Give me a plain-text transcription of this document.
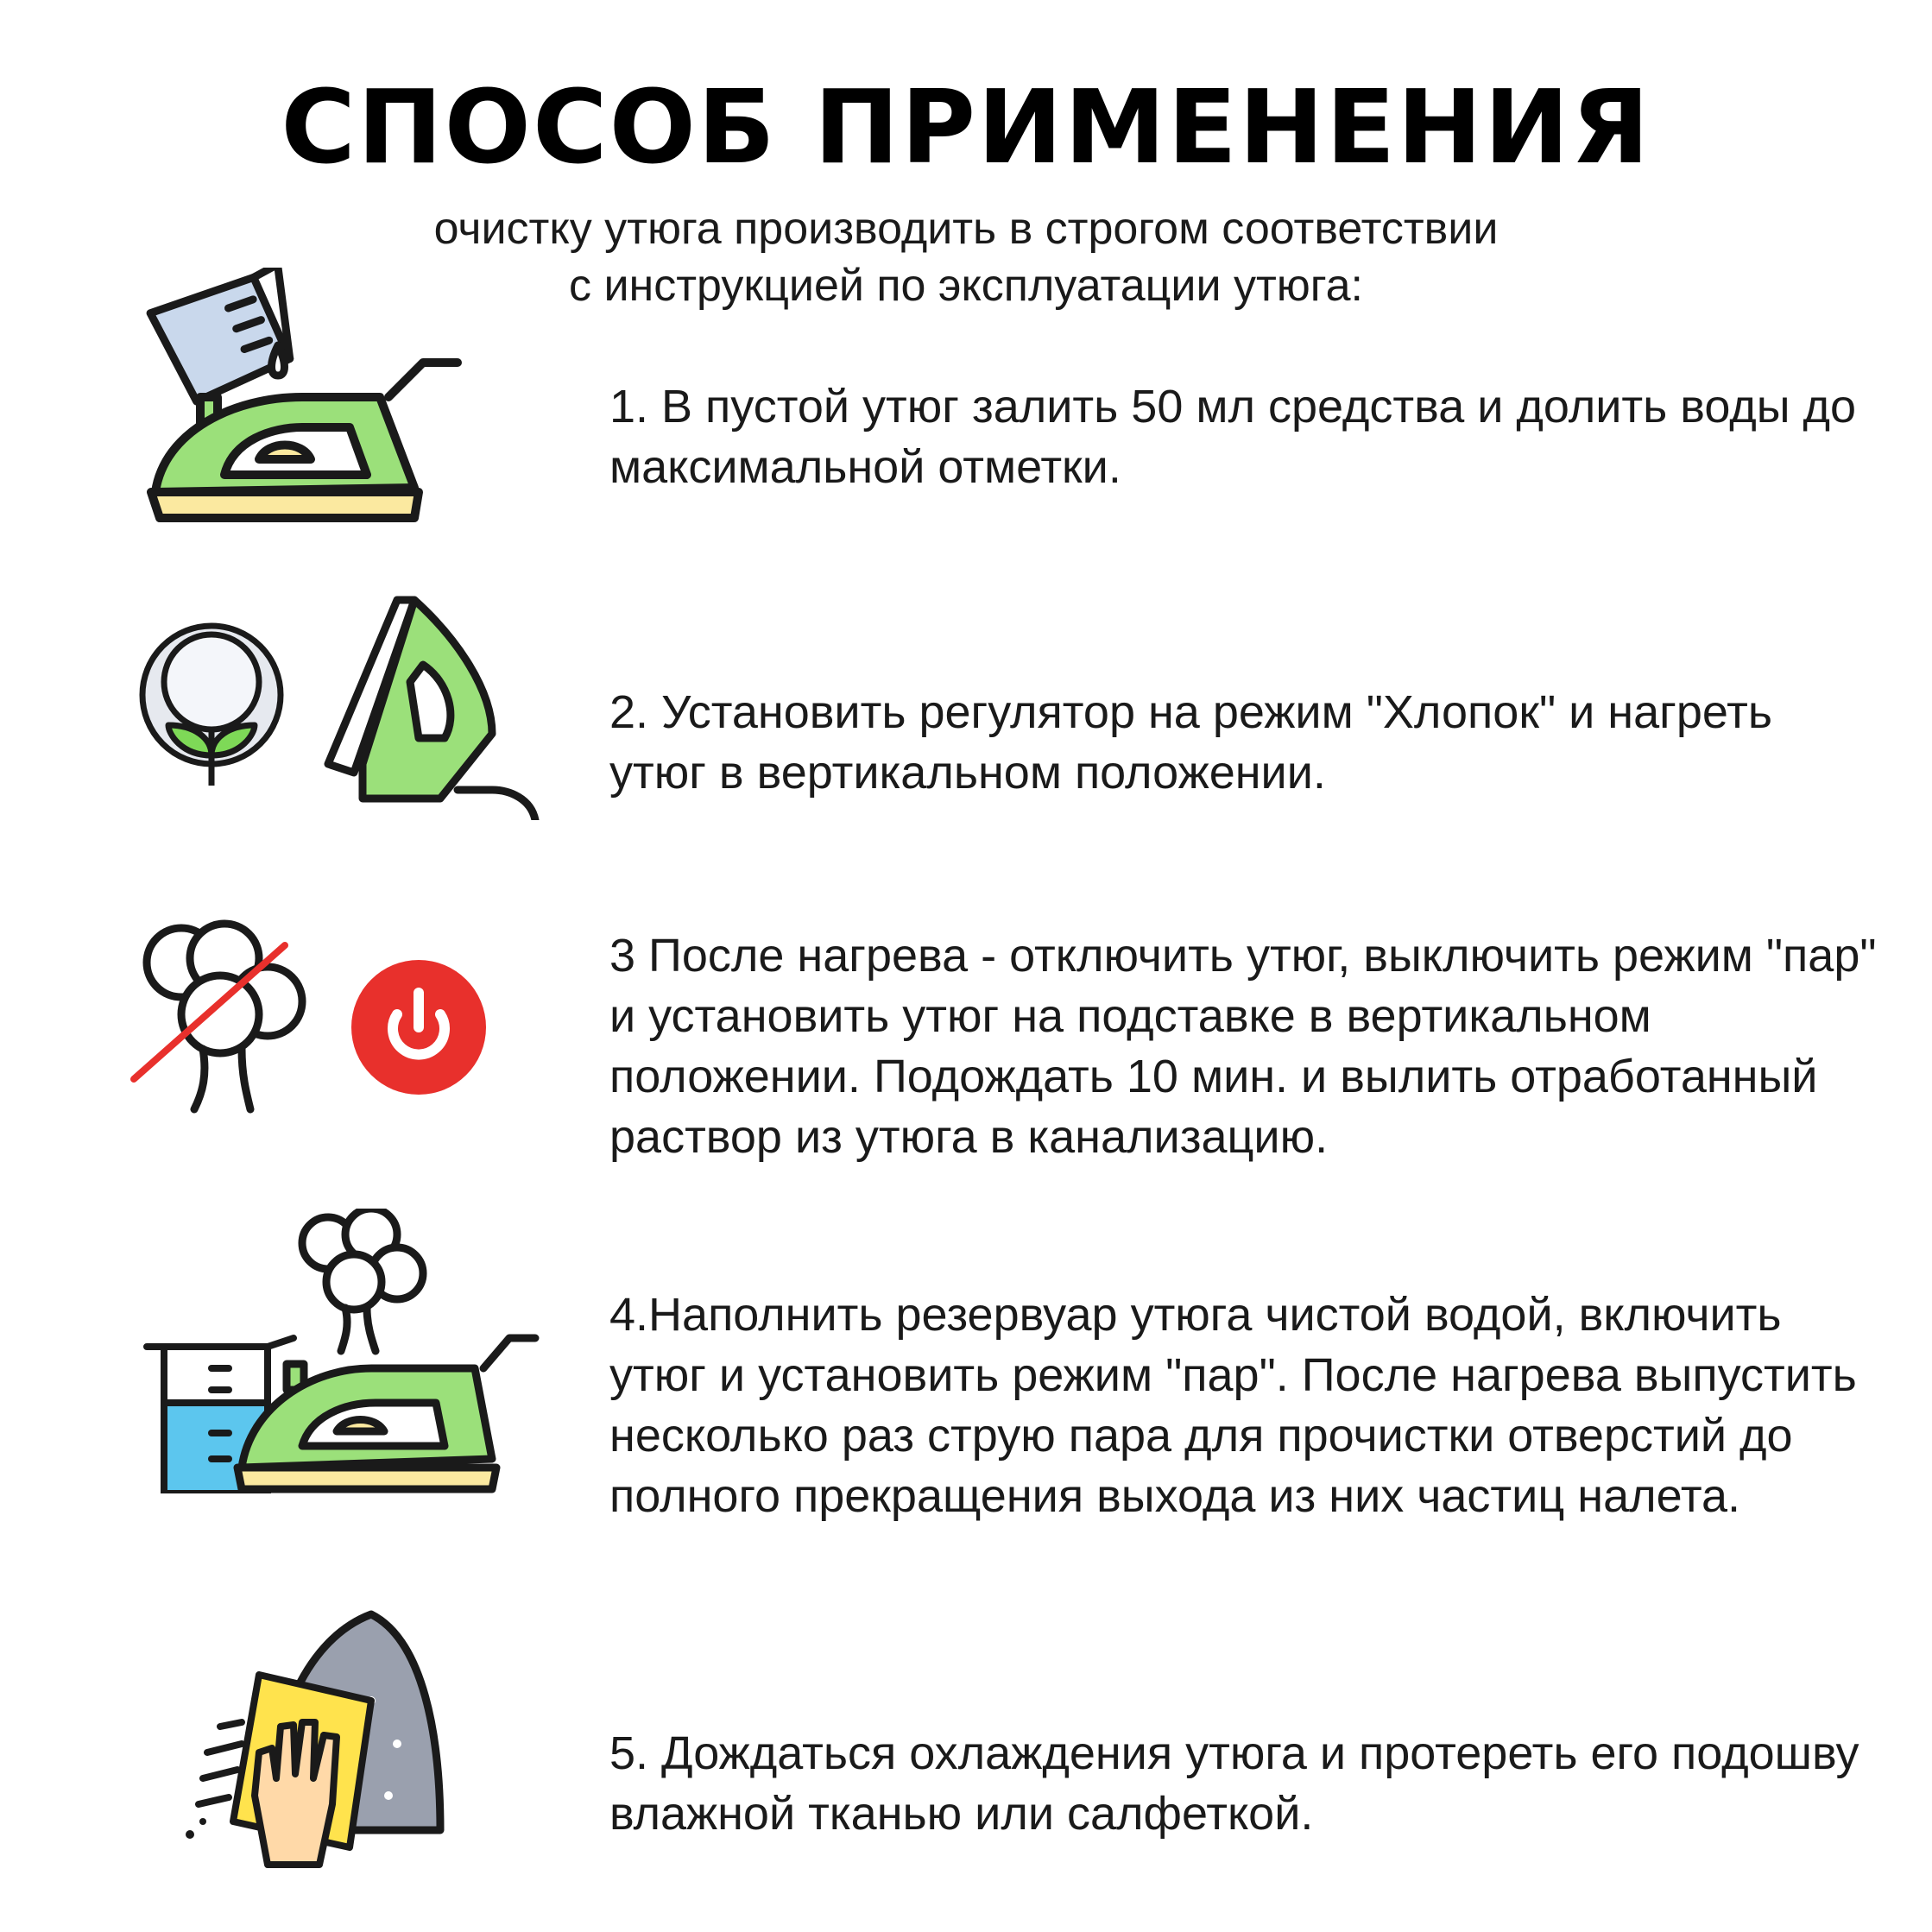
СПОСОБ ПРИМЕНЕНИЯ
очистку утюга производить в строгом соответствии
с инструкцией по эксплуатации утюга:
1. В пустой утюг залить 50 мл средства и долить воды до максимальной отметки.
2. Установить регулятор на режим "Хлопок" и нагреть утюг в вертикальном положении.
3 После нагрева - отключить утюг, выключить режим "пар" и установить утюг на подставке в вертикальном положении. Подождать 10 мин. и вылить отработанный раствор из утюга в канализацию.
4.Наполнить резервуар утюга чистой водой, включить утюг и установить режим "пар". После нагрева выпустить несколько раз струю пара для прочистки отверстий до полного прекращения выхода из них частиц налета.
5. Дождаться охлаждения утюга и протереть его подошву влажной тканью или салфеткой.
